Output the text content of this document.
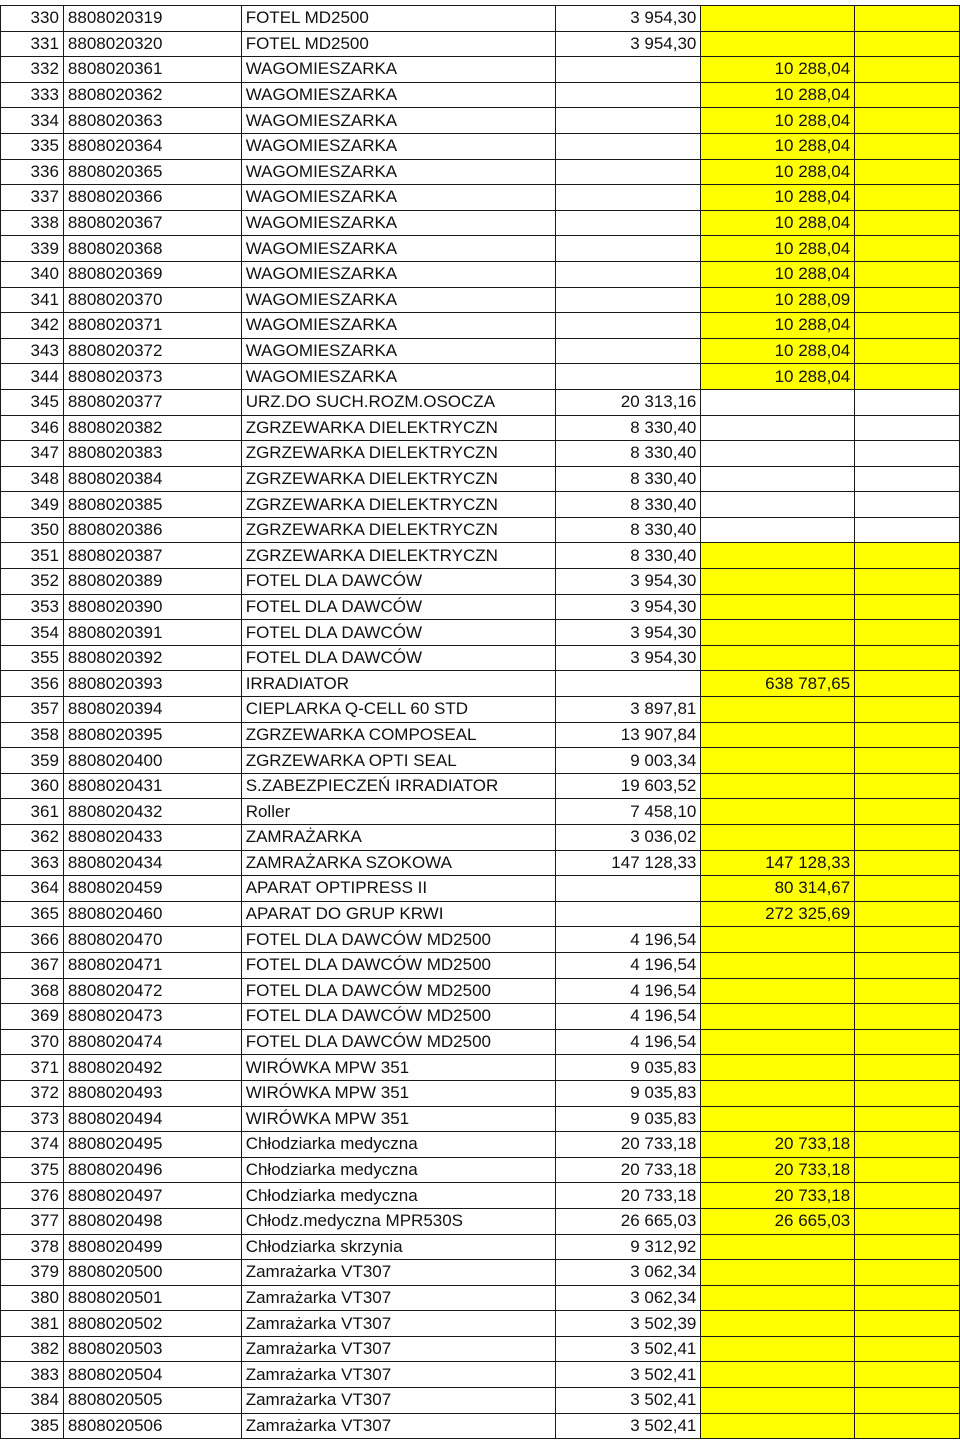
330	8808020319	FOTEL MD2500	3 954,30		
331	8808020320	FOTEL MD2500	3 954,30		
332	8808020361	WAGOMIESZARKA		10 288,04	
333	8808020362	WAGOMIESZARKA		10 288,04	
334	8808020363	WAGOMIESZARKA		10 288,04	
335	8808020364	WAGOMIESZARKA		10 288,04	
336	8808020365	WAGOMIESZARKA		10 288,04	
337	8808020366	WAGOMIESZARKA		10 288,04	
338	8808020367	WAGOMIESZARKA		10 288,04	
339	8808020368	WAGOMIESZARKA		10 288,04	
340	8808020369	WAGOMIESZARKA		10 288,04	
341	8808020370	WAGOMIESZARKA		10 288,09	
342	8808020371	WAGOMIESZARKA		10 288,04	
343	8808020372	WAGOMIESZARKA		10 288,04	
344	8808020373	WAGOMIESZARKA		10 288,04	
345	8808020377	URZ.DO SUCH.ROZM.OSOCZA	20 313,16		
346	8808020382	ZGRZEWARKA DIELEKTRYCZN	8 330,40		
347	8808020383	ZGRZEWARKA DIELEKTRYCZN	8 330,40		
348	8808020384	ZGRZEWARKA DIELEKTRYCZN	8 330,40		
349	8808020385	ZGRZEWARKA DIELEKTRYCZN	8 330,40		
350	8808020386	ZGRZEWARKA DIELEKTRYCZN	8 330,40		
351	8808020387	ZGRZEWARKA DIELEKTRYCZN	8 330,40		
352	8808020389	FOTEL DLA DAWCÓW	3 954,30		
353	8808020390	FOTEL DLA DAWCÓW	3 954,30		
354	8808020391	FOTEL DLA DAWCÓW	3 954,30		
355	8808020392	FOTEL DLA DAWCÓW	3 954,30		
356	8808020393	IRRADIATOR		638 787,65	
357	8808020394	CIEPLARKA Q-CELL 60 STD	3 897,81		
358	8808020395	ZGRZEWARKA COMPOSEAL	13 907,84		
359	8808020400	ZGRZEWARKA OPTI SEAL	9 003,34		
360	8808020431	S.ZABEZPIECZEŃ IRRADIATOR	19 603,52		
361	8808020432	Roller	7 458,10		
362	8808020433	ZAMRAŻARKA	3 036,02		
363	8808020434	ZAMRAŻARKA SZOKOWA	147 128,33	147 128,33	
364	8808020459	APARAT OPTIPRESS II		80 314,67	
365	8808020460	APARAT DO GRUP KRWI		272 325,69	
366	8808020470	FOTEL DLA DAWCÓW MD2500	4 196,54		
367	8808020471	FOTEL DLA DAWCÓW MD2500	4 196,54		
368	8808020472	FOTEL DLA DAWCÓW MD2500	4 196,54		
369	8808020473	FOTEL DLA DAWCÓW MD2500	4 196,54		
370	8808020474	FOTEL DLA DAWCÓW MD2500	4 196,54		
371	8808020492	WIRÓWKA MPW 351	9 035,83		
372	8808020493	WIRÓWKA MPW 351	9 035,83		
373	8808020494	WIRÓWKA MPW 351	9 035,83		
374	8808020495	Chłodziarka medyczna	20 733,18	20 733,18	
375	8808020496	Chłodziarka medyczna	20 733,18	20 733,18	
376	8808020497	Chłodziarka medyczna	20 733,18	20 733,18	
377	8808020498	Chłodz.medyczna MPR530S	26 665,03	26 665,03	
378	8808020499	Chłodziarka skrzynia	9 312,92		
379	8808020500	Zamrażarka VT307	3 062,34		
380	8808020501	Zamrażarka VT307	3 062,34		
381	8808020502	Zamrażarka VT307	3 502,39		
382	8808020503	Zamrażarka VT307	3 502,41		
383	8808020504	Zamrażarka VT307	3 502,41		
384	8808020505	Zamrażarka VT307	3 502,41		
385	8808020506	Zamrażarka VT307	3 502,41		
